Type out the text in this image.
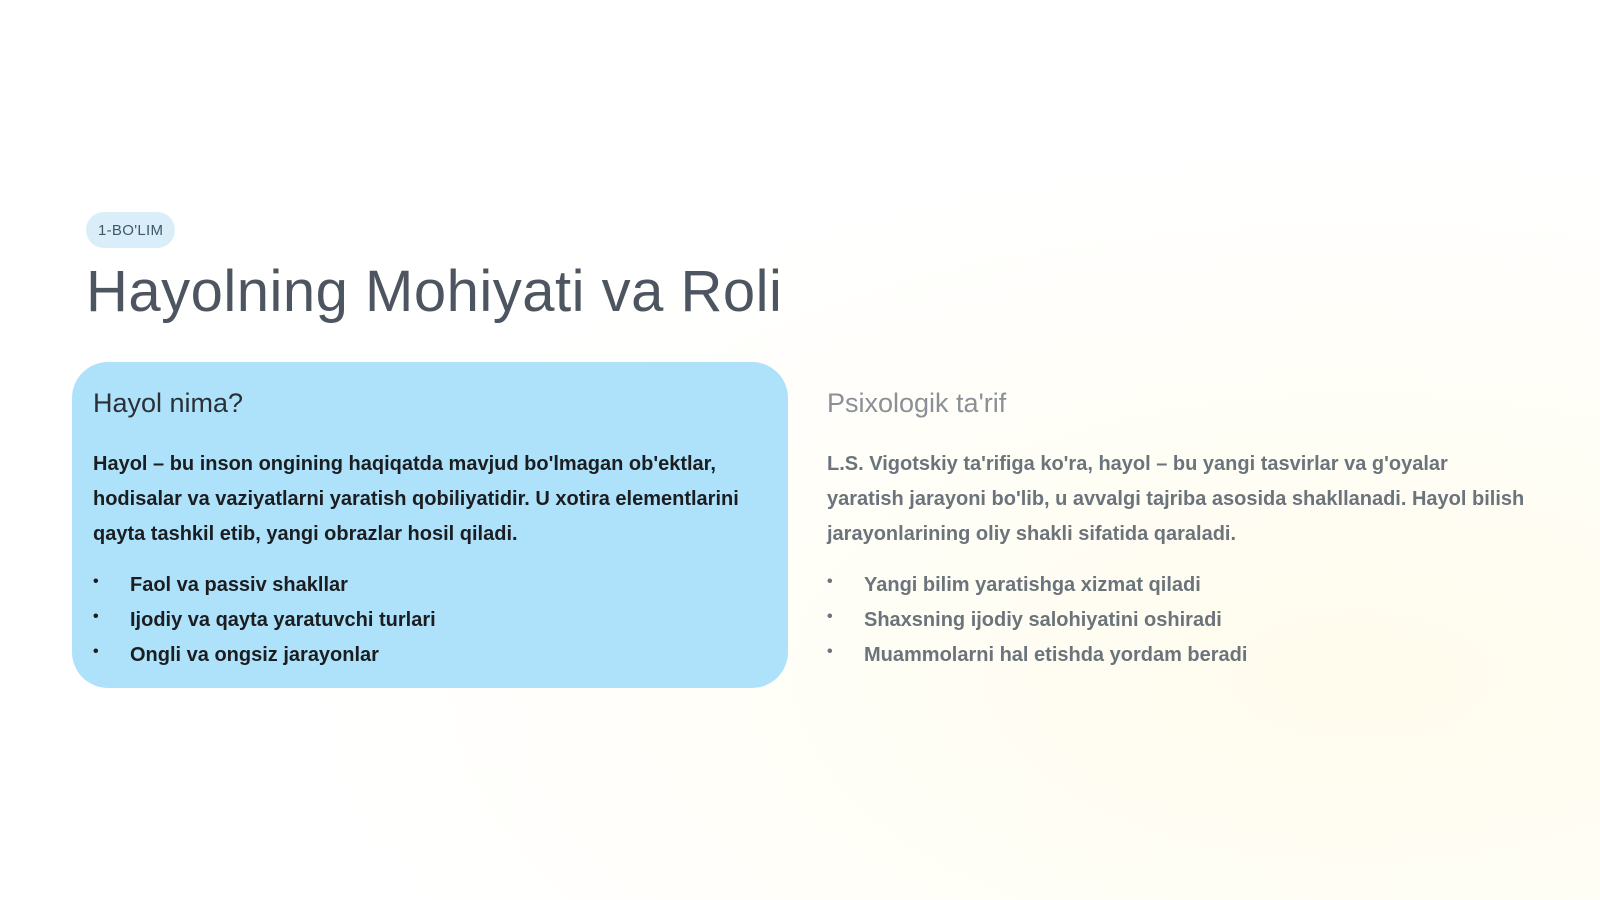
1-BO'LIM
Hayolning Mohiyati va Roli
Hayol nima?

Hayol – bu inson ongining haqiqatda mavjud bo'lmagan ob'ektlar, hodisalar va vaziyatlarni yaratish qobiliyatidir. U xotira elementlarini qayta tashkil etib, yangi obrazlar hosil qiladi.

• Faol va passiv shakllar
• Ijodiy va qayta yaratuvchi turlari
• Ongli va ongsiz jarayonlar
Psixologik ta'rif

L.S. Vigotskiy ta'rifiga ko'ra, hayol – bu yangi tasvirlar va g'oyalar yaratish jarayoni bo'lib, u avvalgi tajriba asosida shakllanadi. Hayol bilish jarayonlarining oliy shakli sifatida qaraladi.

• Yangi bilim yaratishga xizmat qiladi
• Shaxsning ijodiy salohiyatini oshiradi
• Muammolarni hal etishda yordam beradi
